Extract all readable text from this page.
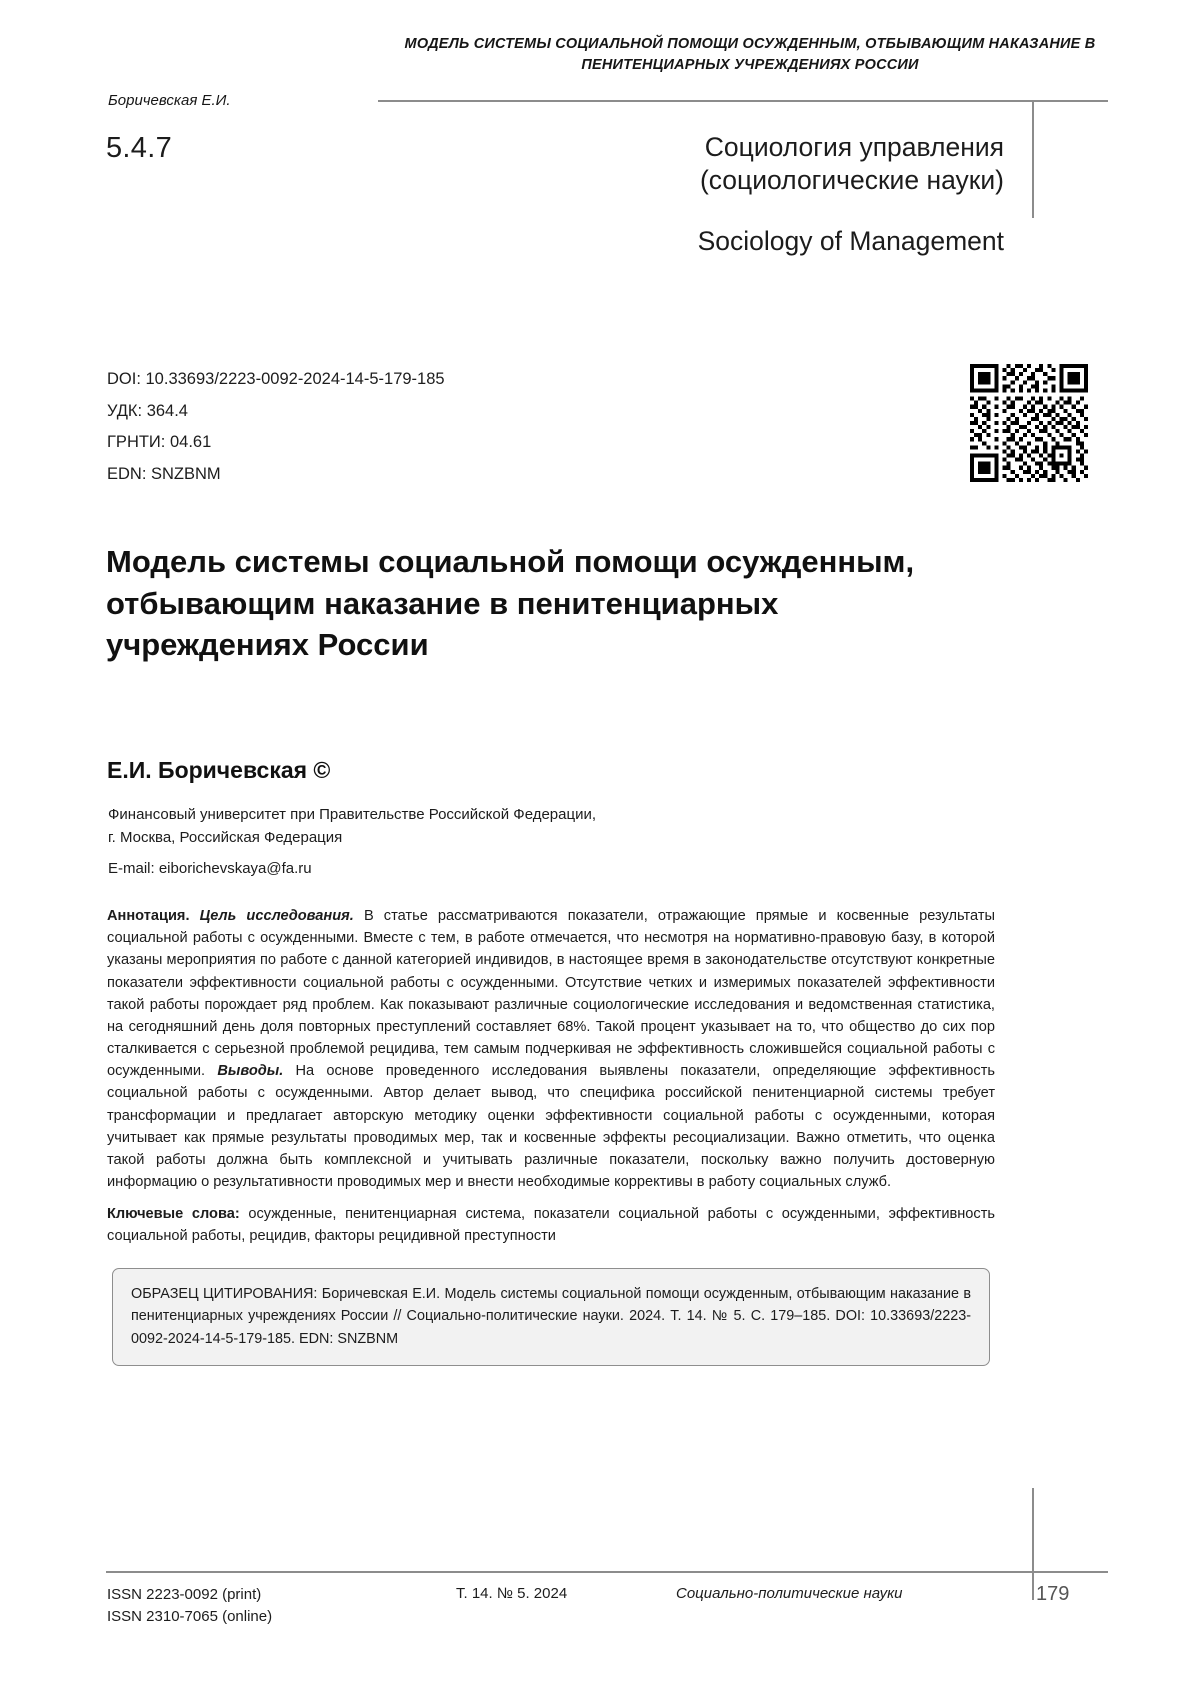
МОДЕЛЬ СИСТЕМЫ СОЦИАЛЬНОЙ ПОМОЩИ ОСУЖДЕННЫМ, ОТБЫВАЮЩИМ НАКАЗАНИЕ В ПЕНИТЕНЦИАРНЫХ УЧРЕЖДЕНИЯХ РОССИИ
Боричевская Е.И.
5.4.7	Социология управления
(социологические науки)
Sociology of Management
DOI: 10.33693/2223-0092-2024-14-5-179-185
УДК: 364.4
ГРНТИ: 04.61
EDN: SNZBNM
Модель системы социальной помощи осужденным, отбывающим наказание в пенитенциарных учреждениях России
Е.И. Боричевская ©
Финансовый университет при Правительстве Российской Федерации,
г. Москва, Российская Федерация
E-mail: eiborichevskaya@fa.ru
Аннотация. Цель исследования. В статье рассматриваются показатели, отражающие прямые и косвенные результаты социальной работы с осужденными. Вместе с тем, в работе отмечается, что несмотря на нормативно-правовую базу, в которой указаны мероприятия по работе с данной категорией индивидов, в настоящее время в законодательстве отсутствуют конкретные показатели эффективности социальной работы с осужденными. Отсутствие четких и измеримых показателей эффективности такой работы порождает ряд проблем. Как показывают различные социологические исследования и ведомственная статистика, на сегодняшний день доля повторных преступлений составляет 68%. Такой процент указывает на то, что общество до сих пор сталкивается с серьезной проблемой рецидива, тем самым подчеркивая не эффективность сложившейся социальной работы с осужденными. Выводы. На основе проведенного исследования выявлены показатели, определяющие эффективность социальной работы с осужденными. Автор делает вывод, что специфика российской пенитенциарной системы требует трансформации и предлагает авторскую методику оценки эффективности социальной работы с осужденными, которая учитывает как прямые результаты проводимых мер, так и косвенные эффекты ресоциализации. Важно отметить, что оценка такой работы должна быть комплексной и учитывать различные показатели, поскольку важно получить достоверную информацию о результативности проводимых мер и внести необходимые коррективы в работу социальных служб.
Ключевые слова: осужденные, пенитенциарная система, показатели социальной работы с осужденными, эффективность социальной работы, рецидив, факторы рецидивной преступности
ОБРАЗЕЦ ЦИТИРОВАНИЯ: Боричевская Е.И. Модель системы социальной помощи осужденным, отбывающим наказание в пенитенциарных учреждениях России // Социально-политические науки. 2024. Т. 14. № 5. С. 179–185. DOI: 10.33693/2223-0092-2024-14-5-179-185. EDN: SNZBNM
ISSN 2223-0092 (print)
ISSN 2310-7065 (online)
Т. 14. № 5. 2024	Социально-политические науки	179
